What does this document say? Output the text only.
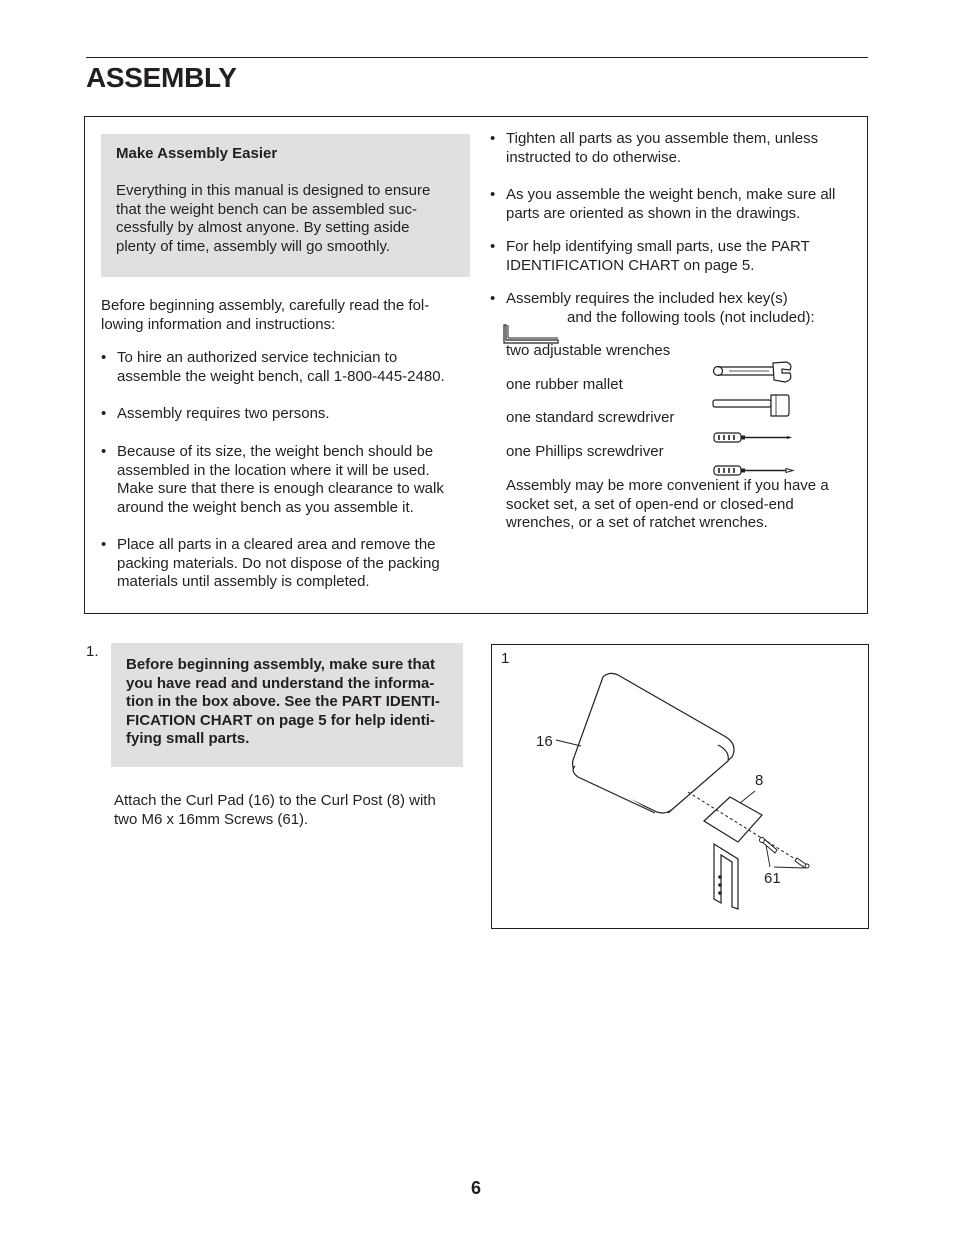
ASSEMBLY
Make Assembly Easier
Everything in this manual is designed to ensure
that the weight bench can be assembled suc-
cessfully by almost anyone. By setting aside
plenty of time, assembly will go smoothly.
Before beginning assembly, carefully read the fol-
lowing information and instructions:
• To hire an authorized service technician to
assemble the weight bench, call 1-800-445-2480.
• Assembly requires two persons.
• Because of its size, the weight bench should be
assembled in the location where it will be used.
Make sure that there is enough clearance to walk
around the weight bench as you assemble it.
• Place all parts in a cleared area and remove the
packing materials. Do not dispose of the packing
materials until assembly is completed.
• Tighten all parts as you assemble them, unless
instructed to do otherwise.
• As you assemble the weight bench, make sure all
parts are oriented as shown in the drawings.
• For help identifying small parts, use the PART
IDENTIFICATION CHART on page 5.
• Assembly requires the included hex key(s)
and the following tools (not included):
two adjustable wrenches
one rubber mallet
one standard screwdriver
one Phillips screwdriver
Assembly may be more convenient if you have a
socket set, a set of open-end or closed-end
wrenches, or a set of ratchet wrenches.
1.
Before beginning assembly, make sure that
you have read and understand the informa-
tion in the box above. See the PART IDENTI-
FICATION CHART on page 5 for help identi-
fying small parts.
Attach the Curl Pad (16) to the Curl Post (8) with
two M6 x 16mm Screws (61).
1
16
8
61
6
